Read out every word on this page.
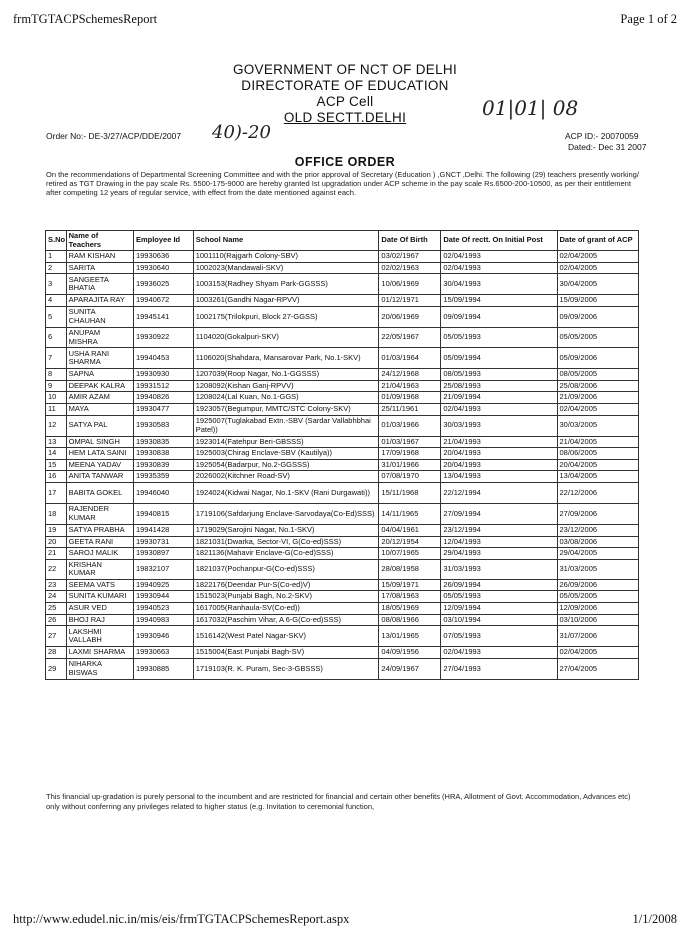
frmTGTACPSchemesReport	Page 1 of 2
GOVERNMENT OF NCT OF DELHI
DIRECTORATE OF EDUCATION
ACP Cell
OLD SECTT.DELHI
Order No:- DE-3/27/ACP/DDE/2007 40)-20
01|01| 08
ACP ID:- 20070059
Dated:- Dec 31 2007
OFFICE ORDER
On the recommendations of Departmental Screening Committee and with the prior approval of Secretary (Education ) ,GNCT ,Delhi. The following (29) teachers presently working/ retired as TGT Drawing in the pay scale Rs. 5500-175-9000 are hereby granted Ist upgradation under ACP scheme in the pay scale Rs.6500-200-10500, as per their entitlement after competing 12 years of regular service, with effect from the date mentioned against each.
S.No	Name of Teachers	Employee Id	School Name	Date Of Birth	Date Of rectt. On Initial Post	Date of grant of ACP
1	RAM KISHAN	19930636	1001110(Rajgarh Colony-SBV)	03/02/1967	02/04/1993	02/04/2005
2	SARITA	19930640	1002023(Mandawali-SKV)	02/02/1963	02/04/1993	02/04/2005
3	SANGEETA BHATIA	19936025	1003153(Radhey Shyam Park-GGSSS)	10/06/1969	30/04/1993	30/04/2005
4	APARAJITA RAY	19940672	1003261(Gandhi Nagar-RPVV)	01/12/1971	15/09/1994	15/09/2006
5	SUNITA CHAUHAN	19945141	1002175(Trilokpuri, Block 27-GGSS)	20/06/1969	09/09/1994	09/09/2006
6	ANUPAM MISHRA	19930922	1104020(Gokalpuri-SKV)	22/05/1967	05/05/1993	05/05/2005
7	USHA RANI SHARMA	19940453	1106020(Shahdara, Mansarovar Park, No.1-SKV)	01/03/1964	05/09/1994	05/09/2006
8	SAPNA	19930930	1207039(Roop Nagar, No.1-GGSSS)	24/12/1968	08/05/1993	08/05/2005
9	DEEPAK KALRA	19931512	1208092(Kishan Ganj-RPVV)	21/04/1963	25/08/1993	25/08/2006
10	AMIR AZAM	19940826	1208024(Lal Kuan, No.1-GGS)	01/09/1968	21/09/1994	21/09/2006
11	MAYA	19930477	1923057(Begumpur, MMTC/STC Colony-SKV)	25/11/1961	02/04/1993	02/04/2005
12	SATYA PAL	19930583	1925007(Tuglakabad Extn.-SBV (Sardar Vallabhbhai Patel))	01/03/1966	30/03/1993	30/03/2005
13	OMPAL SINGH	19930835	1923014(Fatehpur Beri-GBSSS)	01/03/1967	21/04/1993	21/04/2005
14	HEM LATA SAINI	19930838	1925003(Chirag Enclave-SBV (Kautilya))	17/09/1968	20/04/1993	08/06/2005
15	MEENA YADAV	19930839	1925054(Badarpur, No.2-GGSSS)	31/01/1966	20/04/1993	20/04/2005
16	ANITA TANWAR	19935359	2026002(Kitchner Road-SV)	07/08/1970	13/04/1993	13/04/2005
17	BABITA GOKEL	19946040	1924024(Kidwai Nagar, No.1-SKV (Rani Durgawati))	15/11/1968	22/12/1994	22/12/2006
18	RAJENDER KUMAR	19940815	1719106(Safdarjung Enclave-Sarvodaya(Co-Ed)SSS)	14/11/1965	27/09/1994	27/09/2006
19	SATYA PRABHA	19941428	1719029(Sarojini Nagar, No.1-SKV)	04/04/1961	23/12/1994	23/12/2006
20	GEETA RANI	19930731	1821031(Dwarka, Sector-VI, G(Co-ed)SSS)	20/12/1954	12/04/1993	03/08/2006
21	SAROJ MALIK	19930897	1821136(Mahavir Enclave-G(Co-ed)SSS)	10/07/1965	29/04/1993	29/04/2005
22	KRISHAN KUMAR	19832107	1821037(Pochanpur-G(Co-ed)SSS)	28/08/1958	31/03/1993	31/03/2005
23	SEEMA VATS	19940925	1822176(Deendar Pur-S(Co-ed)V)	15/09/1971	26/09/1994	26/09/2006
24	SUNITA KUMARI	19930944	1515023(Punjabi Bagh, No.2-SKV)	17/08/1963	05/05/1993	05/05/2005
25	ASUR VED	19940523	1617005(Ranhaula-SV(Co-ed))	18/05/1969	12/09/1994	12/09/2006
26	BHOJ RAJ	19940983	1617032(Paschim Vihar, A 6-G(Co-ed)SSS)	08/08/1966	03/10/1994	03/10/2006
27	LAKSHMI VALLABH	19930946	1516142(West Patel Nagar-SKV)	13/01/1965	07/05/1993	31/07/2006
28	LAXMI SHARMA	19930663	1515004(East Punjabi Bagh-SV)	04/09/1956	02/04/1993	02/04/2005
29	NIHARKA BISWAS	19930885	1719103(R. K. Puram, Sec-3-GBSSS)	24/09/1967	27/04/1993	27/04/2005
This financial up-gradation is purely personal to the incumbent and are restricted for financial and certain other benefits (HRA, Allotment of Govt. Accommodation, Advances etc) only without conferring any privileges related to higher status (e.g. Invitation to ceremonial function,
http://www.edudel.nic.in/mis/eis/frmTGTACPSchemesReport.aspx	1/1/2008
